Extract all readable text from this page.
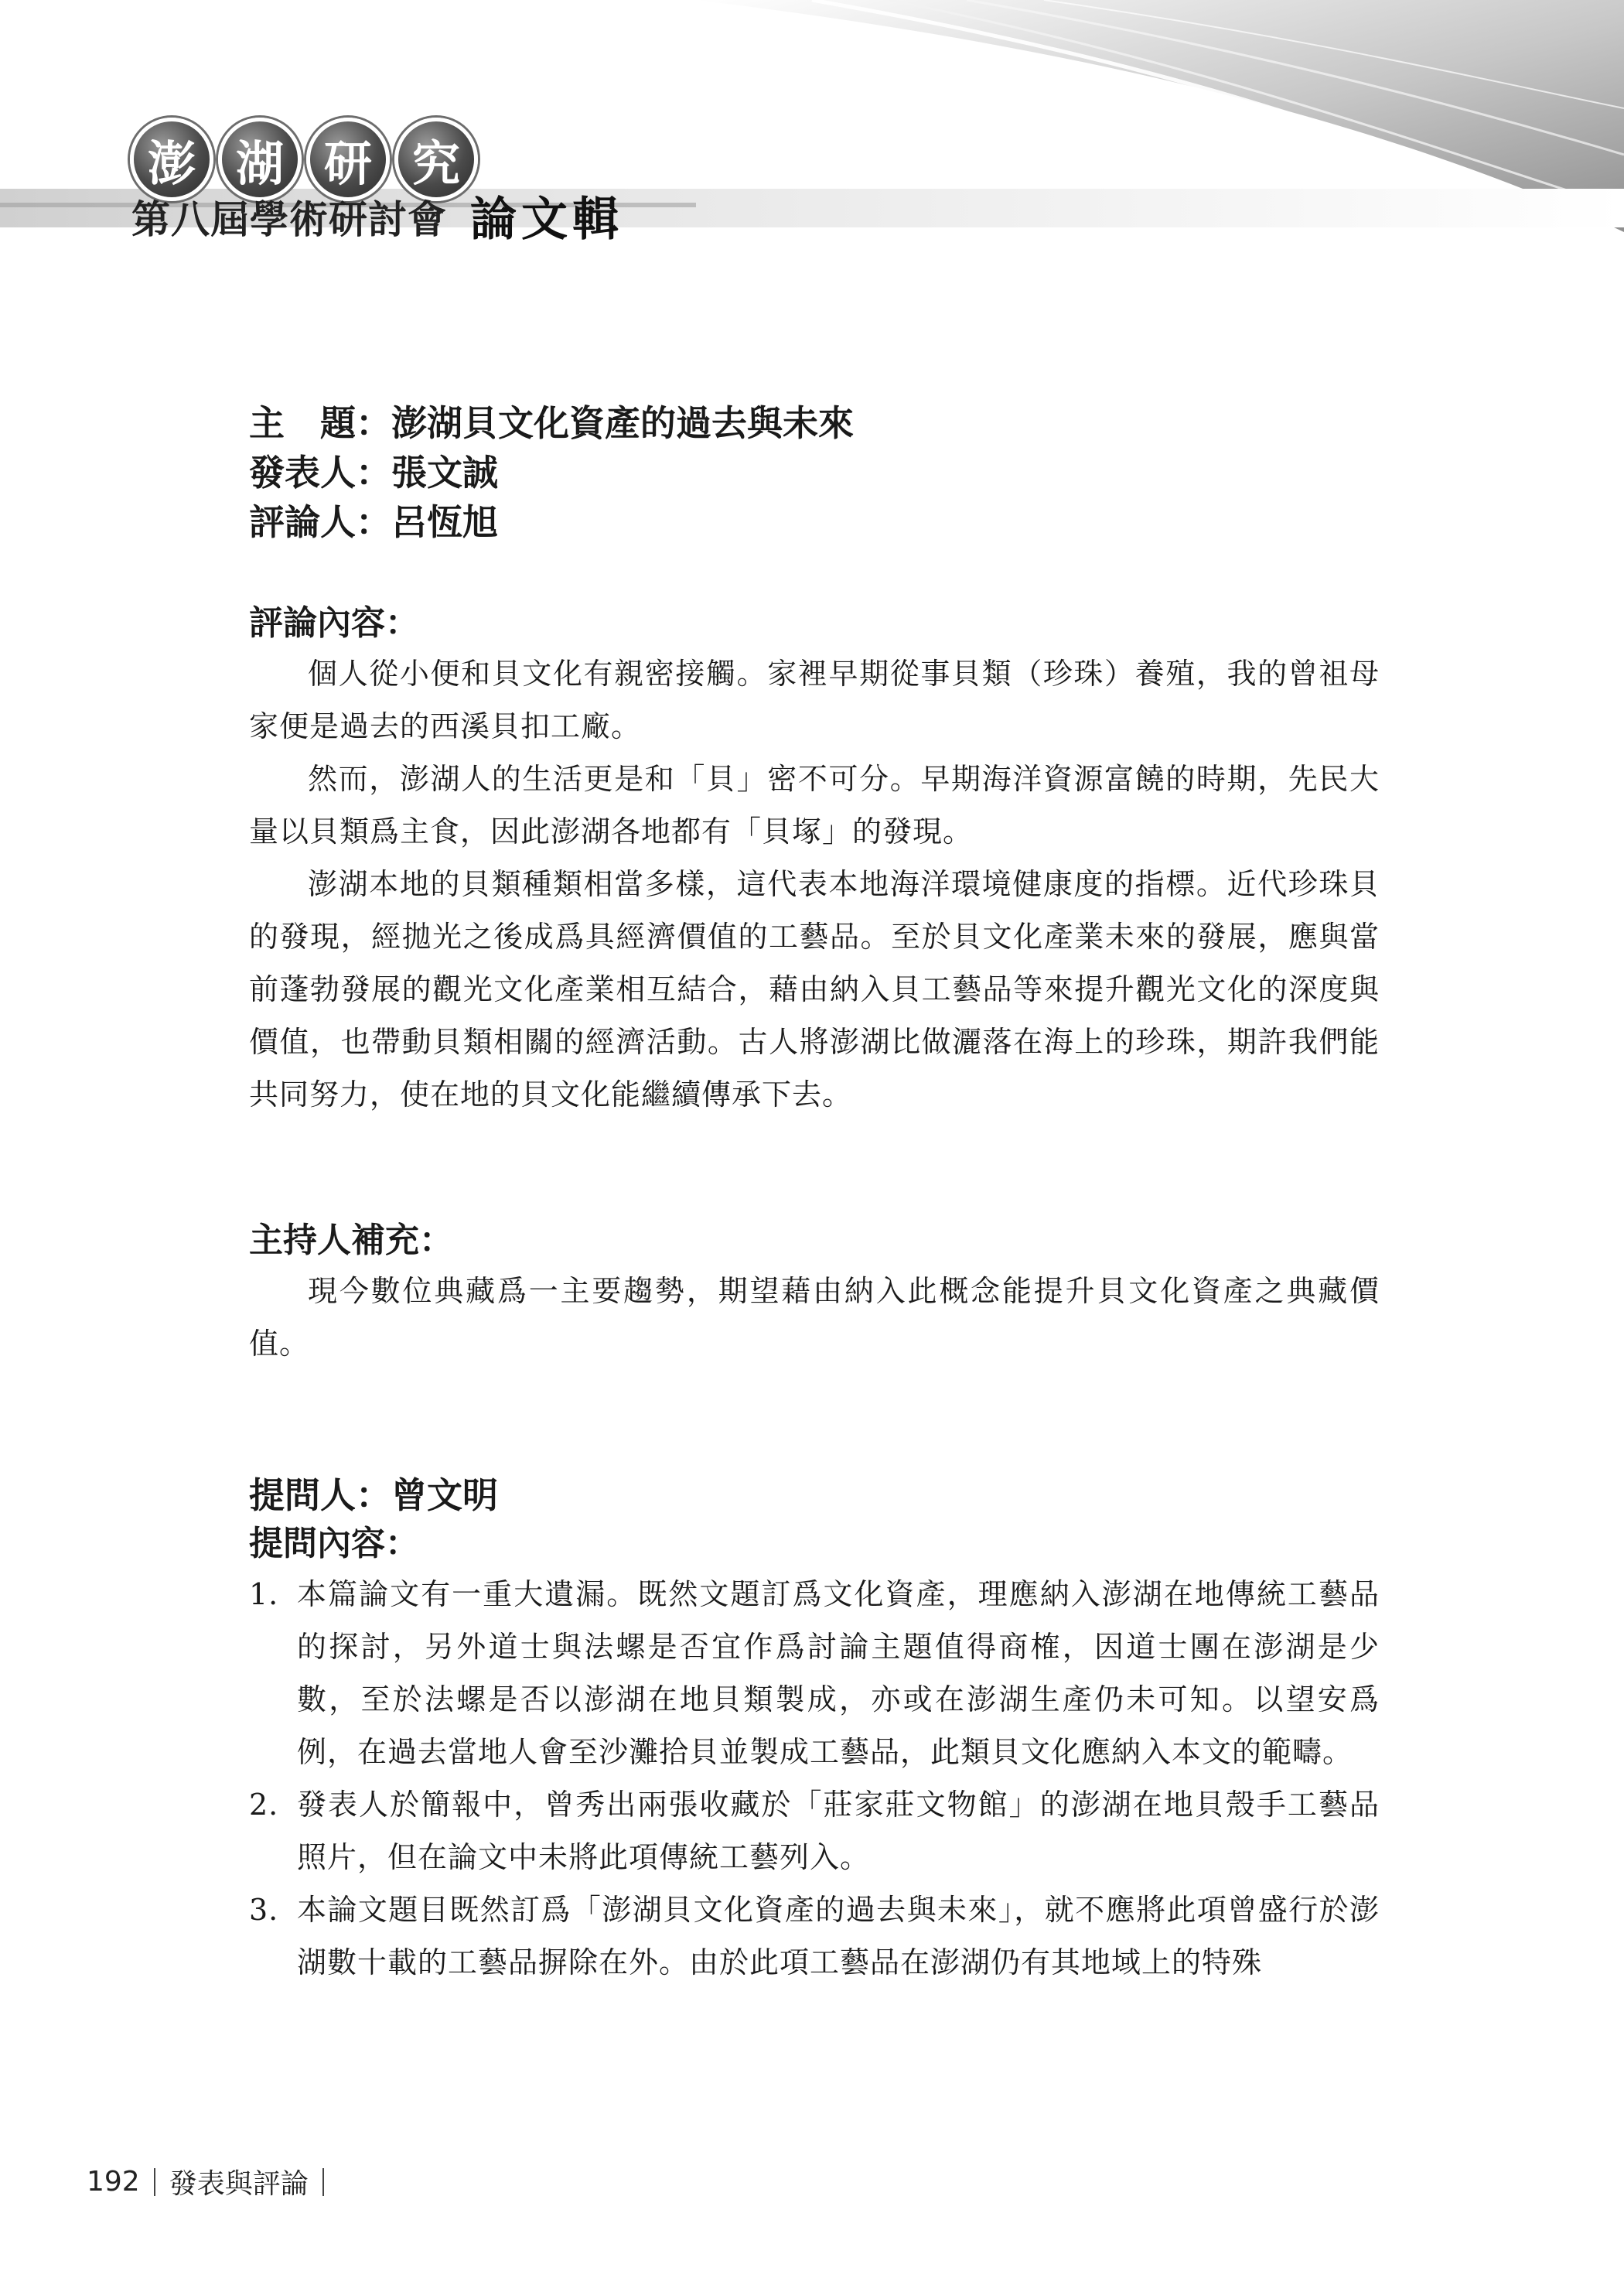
澎 湖 研 究
第八屆學術研討會 論文輯

主　題：澎湖貝文化資產的過去與未來

發表人：張文誠

評論人：呂恆旭

評論內容：

個人從小便和貝文化有親密接觸。家裡早期從事貝類（珍珠）養殖，我的曾祖母家便是過去的西溪貝扣工廠。

然而，澎湖人的生活更是和「貝」密不可分。早期海洋資源富饒的時期，先民大量以貝類爲主食，因此澎湖各地都有「貝塚」的發現。

澎湖本地的貝類種類相當多樣，這代表本地海洋環境健康度的指標。近代珍珠貝的發現，經拋光之後成爲具經濟價值的工藝品。至於貝文化產業未來的發展，應與當前蓬勃發展的觀光文化產業相互結合，藉由納入貝工藝品等來提升觀光文化的深度與價值，也帶動貝類相關的經濟活動。古人將澎湖比做灑落在海上的珍珠，期許我們能共同努力，使在地的貝文化能繼續傳承下去。

主持人補充：

現今數位典藏爲一主要趨勢，期望藉由納入此概念能提升貝文化資產之典藏價值。

提問人：曾文明

提問內容：
1. 本篇論文有一重大遺漏。既然文題訂爲文化資產，理應納入澎湖在地傳統工藝品的探討，另外道士與法螺是否宜作爲討論主題值得商榷，因道士團在澎湖是少數，至於法螺是否以澎湖在地貝類製成，亦或在澎湖生產仍未可知。以望安爲例，在過去當地人會至沙灘拾貝並製成工藝品，此類貝文化應納入本文的範疇。
2. 發表人於簡報中，曾秀出兩張收藏於「莊家莊文物館」的澎湖在地貝殼手工藝品照片，但在論文中未將此項傳統工藝列入。
3. 本論文題目既然訂爲「澎湖貝文化資產的過去與未來」，就不應將此項曾盛行於澎湖數十載的工藝品摒除在外。由於此項工藝品在澎湖仍有其地域上的特殊
192 發表與評論
